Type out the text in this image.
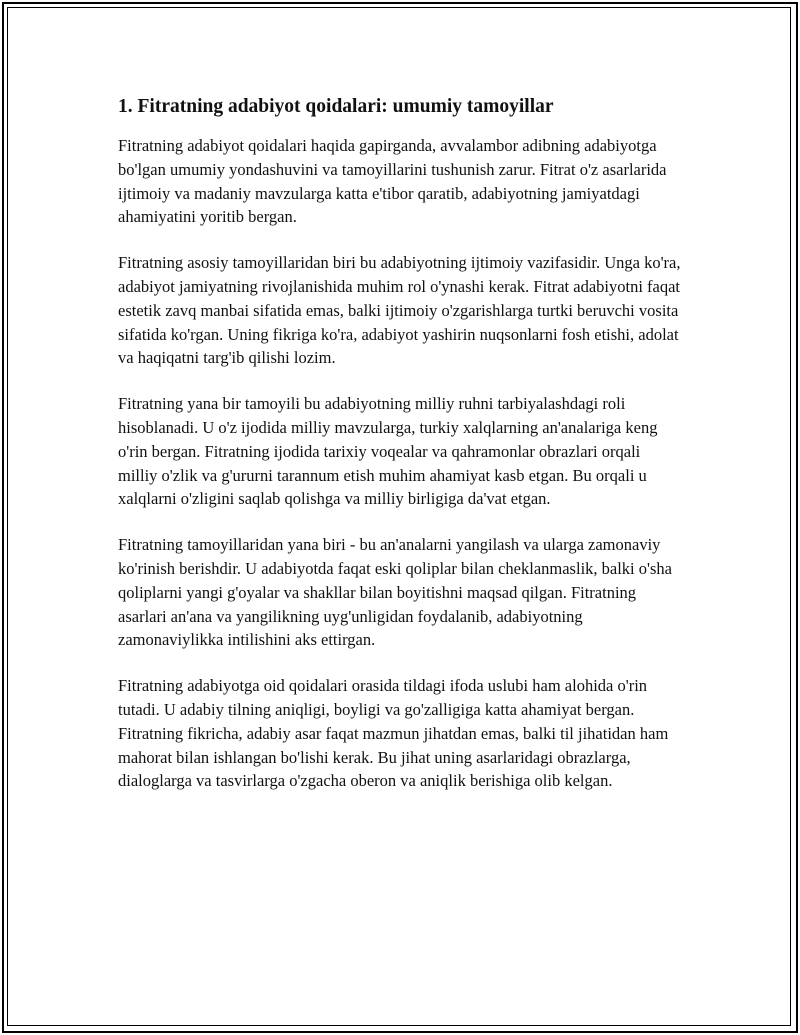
1. Fitratning adabiyot qoidalari: umumiy tamoyillar

Fitratning adabiyot qoidalari haqida gapirganda, avvalambor adibning adabiyotga bo'lgan umumiy yondashuvini va tamoyillarini tushunish zarur. Fitrat o'z asarlarida ijtimoiy va madaniy mavzularga katta e'tibor qaratib, adabiyotning jamiyatdagi ahamiyatini yoritib bergan.

Fitratning asosiy tamoyillaridan biri bu adabiyotning ijtimoiy vazifasidir. Unga ko'ra, adabiyot jamiyatning rivojlanishida muhim rol o'ynashi kerak. Fitrat adabiyotni faqat estetik zavq manbai sifatida emas, balki ijtimoiy o'zgarishlarga turtki beruvchi vosita sifatida ko'rgan. Uning fikriga ko'ra, adabiyot yashirin nuqsonlarni fosh etishi, adolat va haqiqatni targ'ib qilishi lozim.

Fitratning yana bir tamoyili bu adabiyotning milliy ruhni tarbiyalashdagi roli hisoblanadi. U o'z ijodida milliy mavzularga, turkiy xalqlarning an'analariga keng o'rin bergan. Fitratning ijodida tarixiy voqealar va qahramonlar obrazlari orqali milliy o'zlik va g'ururni tarannum etish muhim ahamiyat kasb etgan. Bu orqali u xalqlarni o'zligini saqlab qolishga va milliy birligiga da'vat etgan.

Fitratning tamoyillaridan yana biri - bu an'analarni yangilash va ularga zamonaviy ko'rinish berishdir. U adabiyotda faqat eski qoliplar bilan cheklanmaslik, balki o'sha qoliplarni yangi g'oyalar va shakllar bilan boyitishni maqsad qilgan. Fitratning asarlari an'ana va yangilikning uyg'unligidan foydalanib, adabiyotning zamonaviylikka intilishini aks ettirgan.

Fitratning adabiyotga oid qoidalari orasida tildagi ifoda uslubi ham alohida o'rin tutadi. U adabiy tilning aniqligi, boyligi va go'zalligiga katta ahamiyat bergan. Fitratning fikricha, adabiy asar faqat mazmun jihatdan emas, balki til jihatidan ham mahorat bilan ishlangan bo'lishi kerak. Bu jihat uning asarlaridagi obrazlarga, dialoglarga va tasvirlarga o'zgacha oberon va aniqlik berishiga olib kelgan.
